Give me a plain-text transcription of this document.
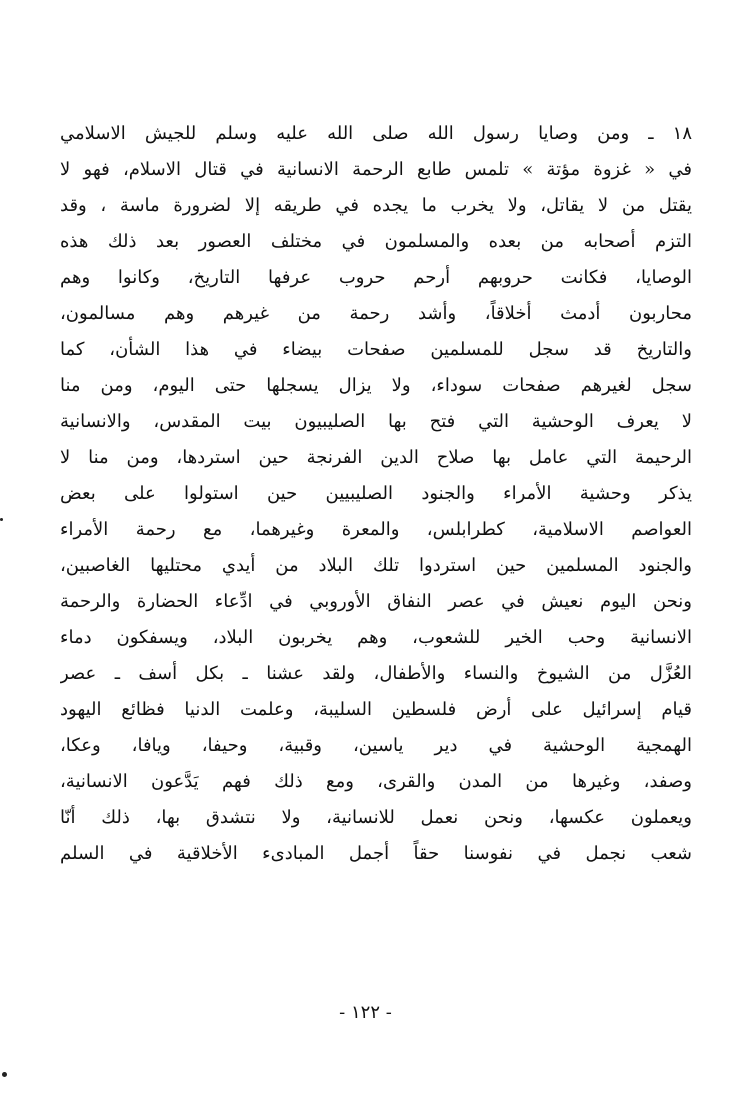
١٨ ـ ومن وصايا رسول الله صلى الله عليه وسلم للجيش الاسلامي
في « غزوة مؤتة » تلمس طابع الرحمة الانسانية في قتال الاسلام، فهو لا
يقتل من لا يقاتل، ولا يخرب ما يجده في طريقه إلا لضرورة ماسة ، وقد
التزم أصحابه من بعده والمسلمون في مختلف العصور بعد ذلك هذه
الوصايا، فكانت حروبهم أرحم حروب عرفها التاريخ، وكانوا وهم
محاربون أدمث أخلاقاً، وأشد رحمة من غيرهم وهم مسالمون،
والتاريخ قد سجل للمسلمين صفحات بيضاء في هذا الشأن، كما
سجل لغيرهم صفحات سوداء، ولا يزال يسجلها حتى اليوم، ومن منا
لا يعرف الوحشية التي فتح بها الصليبيون بيت المقدس، والانسانية
الرحيمة التي عامل بها صلاح الدين الفرنجة حين استردها، ومن منا لا
يذكر وحشية الأمراء والجنود الصليبيين حين استولوا على بعض
العواصم الاسلامية، كطرابلس، والمعرة وغيرهما، مع رحمة الأمراء
والجنود المسلمين حين استردوا تلك البلاد من أيدي محتليها الغاصبين،
ونحن اليوم نعيش في عصر النفاق الأوروبي في ادِّعاء الحضارة والرحمة
الانسانية وحب الخير للشعوب، وهم يخربون البلاد، ويسفكون دماء
العُزَّل من الشيوخ والنساء والأطفال، ولقد عشنا ـ بكل أسف ـ عصر
قيام إسرائيل على أرض فلسطين السليبة، وعلمت الدنيا فظائع اليهود
الهمجية الوحشية في دير ياسين، وقبية، وحيفا، ويافا، وعكا،
وصفد، وغيرها من المدن والقرى، ومع ذلك فهم يَدَّعون الانسانية،
ويعملون عكسها، ونحن نعمل للانسانية، ولا نتشدق بها، ذلك أنّا
شعب نجمل في نفوسنا حقاً أجمل المبادىء الأخلاقية في السلم
- ١٢٢ -
